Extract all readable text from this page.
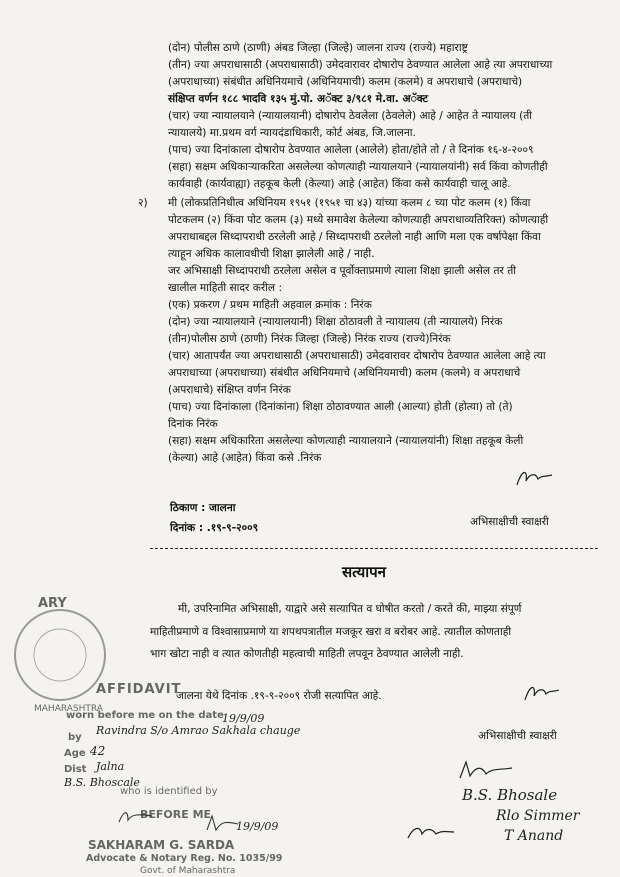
(दोन) पोलीस ठाणे (ठाणी) अंबड जिल्हा (जिल्हे) जालना राज्य (राज्ये) महाराष्ट्र
(तीन) ज्या अपराधासाठी (अपराधासाठी) उमेदवारावर दोषारोप ठेवण्यात आलेला आहे त्या अपराधाच्या
(अपराधाच्या) संबंधीत अधिनियमाचे (अधिनियमाची) कलम (कलमे) व अपराधाचे (अपराधाचे)
संक्षिप्त वर्णन १८८ भादवि १३५ मुं.पो. अॅक्ट ३/९८१ मे.वा. अॅक्ट
(चार) ज्या न्यायालयाने (न्यायालयानी) दोषारोप ठेवलेला (ठेवलेले) आहे / आहेत ते न्यायालय (ती
न्यायालये) मा.प्रथम वर्ग न्यायदंडाधिकारी, कोर्ट अंबड, जि.जालना.
(पाच) ज्या दिनांकाला दोषारोप ठेवण्यात आलेला (आलेले) होता/होते तो / ते दिनांक १६-४-२००९
(सहा) सक्षम अधिकाऱ्याकरिता असलेल्या कोणत्याही न्यायालयाने (न्यायालयांनी) सर्व किंवा कोणतीही
कार्यवाही (कार्यवाह्या) तहकूब केली (केल्या) आहे (आहेत) किंवा कसे कार्यवाही चालू आहे.
२) मी (लोकप्रतिनिधीत्व अधिनियम १९५१ (१९५१ चा ४३) यांच्या कलम ८ च्या पोट कलम (१) किंवा
पोटकलम (२) किंवा पोट कलम (३) मध्ये समावेश केलेल्या कोणत्याही अपराधाव्यतिरिक्त) कोणत्याही
अपराधाबद्दल सिध्दापराधी ठरलेली आहे / सिध्दापराधी ठरलेलो नाही आणि मला एक वर्षापेक्षा किंवा
त्याहून अधिक कालावधीची शिक्षा झालेली आहे / नाही.
जर अभिसाक्षी सिध्दापराधी ठरलेला असेल व पूर्वोक्ताप्रमाणे त्याला शिक्षा झाली असेल तर ती
खालील माहिती सादर करील :
(एक) प्रकरण / प्रथम माहिती अहवाल क्रमांक : निरंक
(दोन) ज्या न्यायालयाने (न्यायालयानी) शिक्षा ठोठावली ते न्यायालय (ती न्यायालये) निरंक
(तीन)पोलीस ठाणे (ठाणी) निरंक जिल्हा (जिल्हे) निरंक राज्य (राज्ये)निरंक
(चार) आतापर्यंत ज्या अपराधासाठी (अपराधासाठी) उमेदवारावर दोषारोप ठेवण्यात आलेला आहे त्या
अपराधाच्या (अपराधाच्या) संबंधीत अधिनियमाचे (अधिनियमाची) कलम (कलमे) व अपराधाचे
(अपराधाचे) संक्षिप्त वर्णन निरंक
(पाच) ज्या दिनांकाला (दिनांकांना) शिक्षा ठोठावण्यात आली (आल्या) होती (होत्या) तो (ते)
दिनांक निरंक
(सहा) सक्षम अधिकारिता असलेल्या कोणत्याही न्यायालयाने (न्यायालयांनी) शिक्षा तहकूब केली
(केल्या) आहे (आहेत) किंवा कसे .निरंक
ठिकाण : जालना
दिनांक : .१९-९-२००९	अभिसाक्षीची स्वाक्षरी
सत्यापन
मी, उपरिनामित अभिसाक्षी, याद्वारे असे सत्यापित व घोषीत करतो / करते की, माझ्या संपूर्ण
माहितीप्रमाणे व विश्वासाप्रमाणे या शपथपत्रातील मजकूर खरा व बरोबर आहे. त्यातील कोणताही
भाग खोटा नाही व त्यात कोणतीही महत्वाची माहिती लपवून ठेवण्यात आलेली नाही.
जालना येथे दिनांक .१९-९-२००९ रोजी सत्यापित आहे.
अभिसाक्षीची स्वाक्षरी
ARY
MAHARASHTRA
AFFIDAVIT
worn before me on the date
by
Age
Dist
who is identified by
BEFORE ME
SAKHARAM G. SARDA
Advocate & Notary Reg. No. 1035/99
Govt. of Maharashtra
19/9/09
Ravindra S/o Amrao Sakhala chauge
42
Jalna
B.S. Bhoscale
19/9/09
B.S. Bhosale
Rlo Simmer
T Anand
